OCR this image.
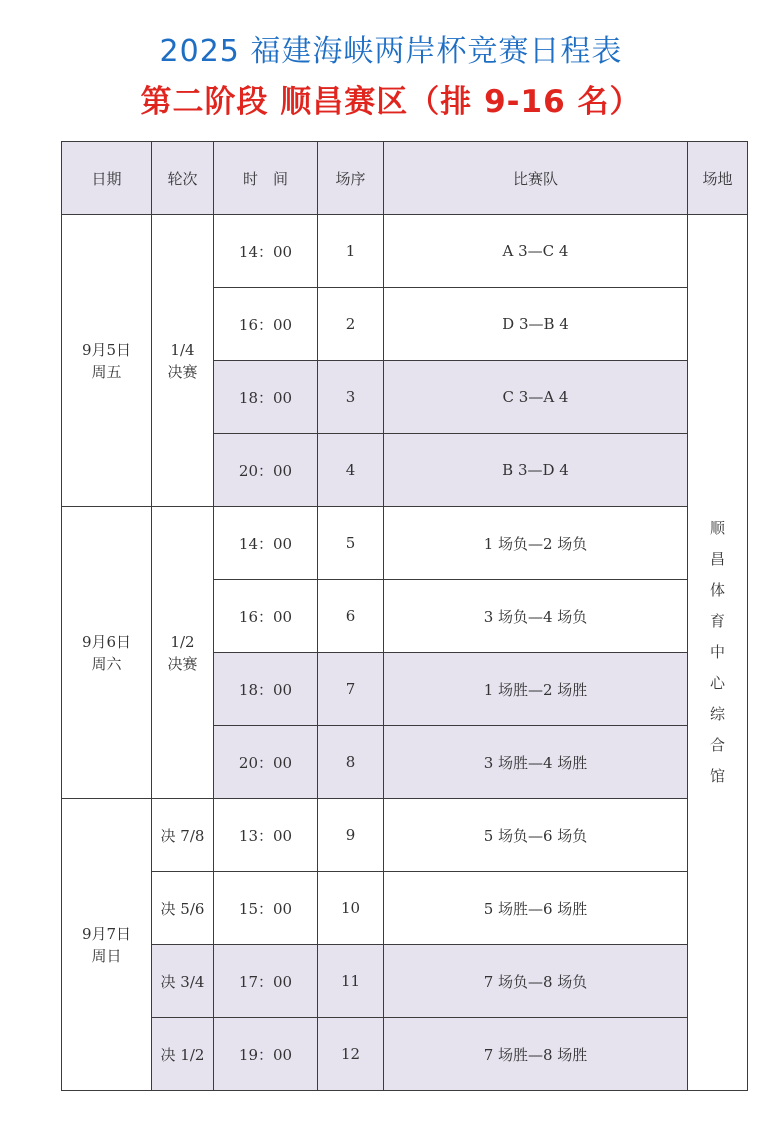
2025 福建海峡两岸杯竞赛日程表
第二阶段 顺昌赛区（排 9-16 名）
日期	轮次	时　间	场序	比赛队	场地

9月5日
周五	1/4决赛	14：00	1	A 3—C 4	顺昌体育中心综合馆
		16：00	2	D 3—B 4	
		18：00	3	C 3—A 4	
		20：00	4	B 3—D 4	

9月6日
周六	1/2决赛	14：00	5	1 场负—2 场负	
		16：00	6	3 场负—4 场负	
		18：00	7	1 场胜—2 场胜	
		20：00	8	3 场胜—4 场胜	

9月7日
周日	决 7/8	13：00	9	5 场负—6 场负	
	决 5/6	15：00	10	5 场胜—6 场胜	
	决 3/4	17：00	11	7 场负—8 场负	
	决 1/2	19：00	12	7 场胜—8 场胜	
